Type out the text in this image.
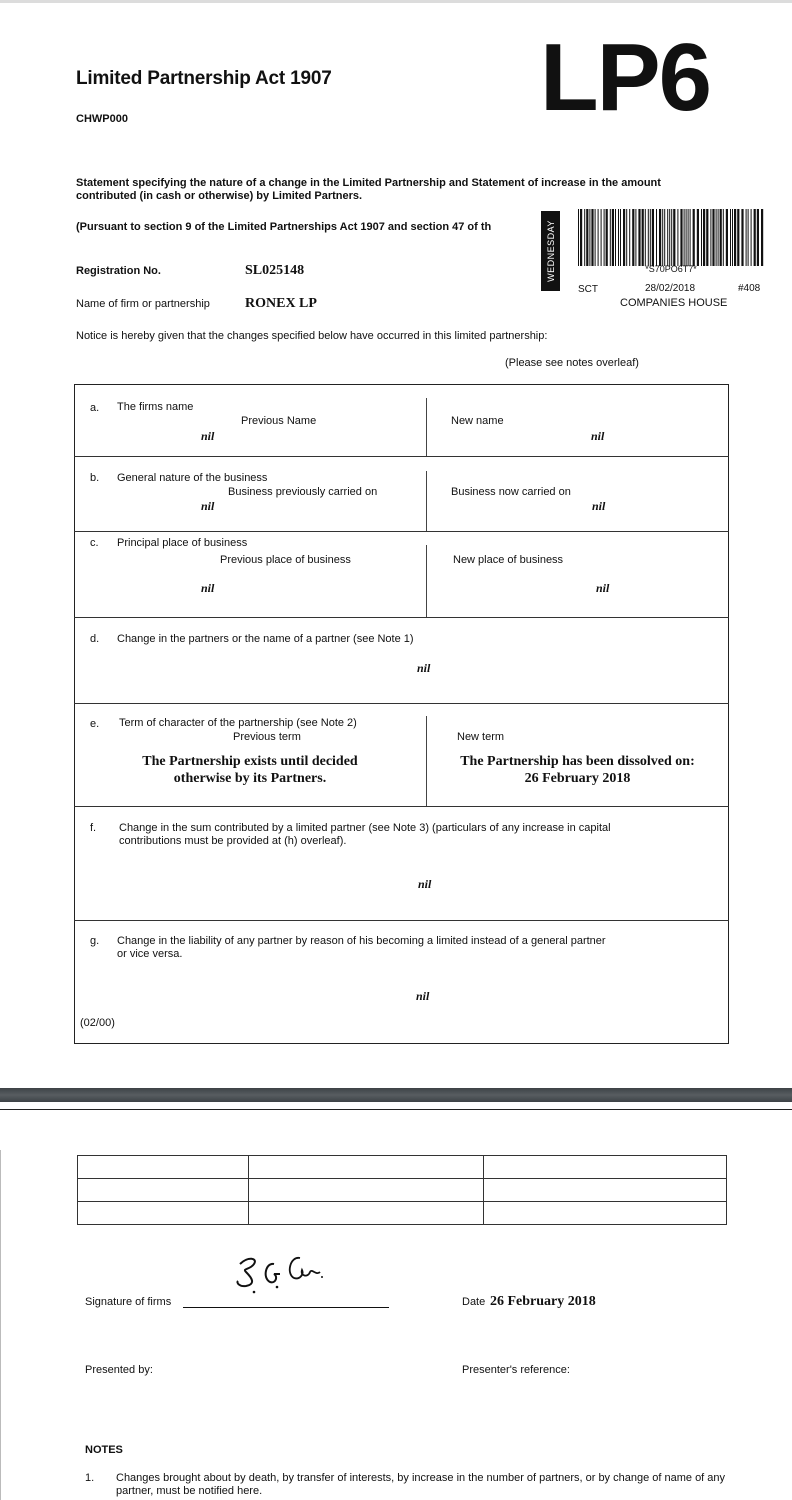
Limited Partnership Act 1907
CHWP000	LP6
Statement specifying the nature of a change in the Limited Partnership and Statement of increase in the amount contributed (in cash or otherwise) by Limited Partners.
(Pursuant to section 9 of the Limited Partnerships Act 1907 and section 47 of th	WEDNESDAY	*S70PO6T7*
SCT	28/02/2018	#408
COMPANIES HOUSE
Registration No.	SL025148
Name of firm or partnership	RONEX LP
Notice is hereby given that the changes specified below have occurred in this limited partnership:
(Please see notes overleaf)
a. The firms name
Previous Name
nil
New name
nil
b. General nature of the business
Business previously carried on
nil
Business now carried on
nil
c. Principal place of business
Previous place of business
nil
New place of business
nil
d. Change in the partners or the name of a partner (see Note 1)
nil
e. Term of character of the partnership (see Note 2)
Previous term
The Partnership exists until decided
otherwise by its Partners.
New term
The Partnership has been dissolved on:
26 February 2018
f. Change in the sum contributed by a limited partner (see Note 3) (particulars of any increase in capital
contributions must be provided at (h) overleaf).
nil
g. Change in the liability of any partner by reason of his becoming a limited instead of a general partner
or vice versa.
nil
(02/00)

Signature of firms	Date 26 February 2018
Presented by:	Presenter's reference:
NOTES
1. Changes brought about by death, by transfer of interests, by increase in the number of partners, or by change of name of any partner, must be notified here.
